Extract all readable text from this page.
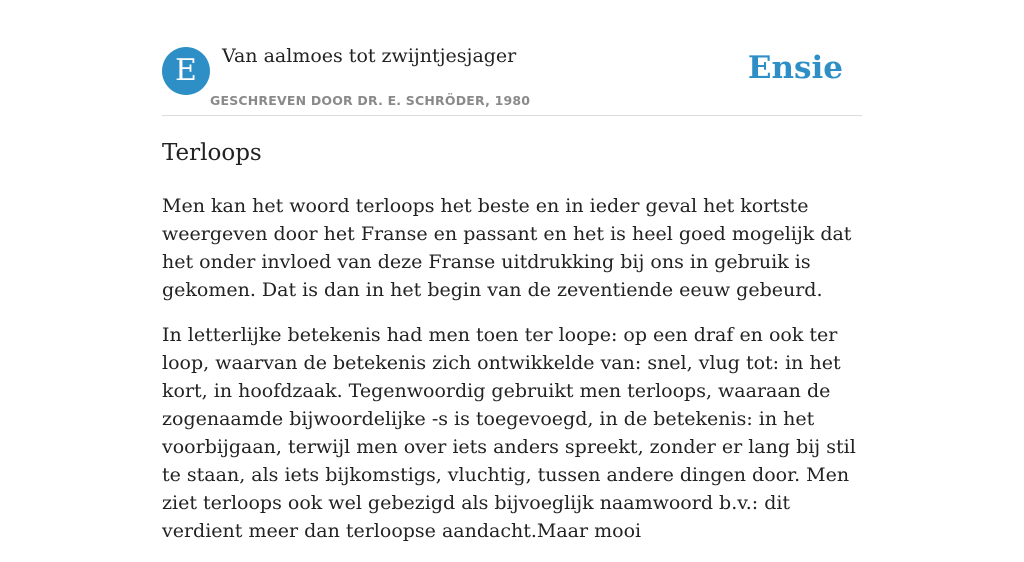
E	Van aalmoes tot zwijntjesjager
GESCHREVEN DOOR DR. E. SCHRÖDER, 1980
Ensie
Terloops

Men kan het woord terloops het beste en in ieder geval het kortste weergeven door het Franse en passant en het is heel goed mogelijk dat het onder invloed van deze Franse uitdrukking bij ons in gebruik is gekomen. Dat is dan in het begin van de zeventiende eeuw gebeurd.

In letterlijke betekenis had men toen ter loope: op een draf en ook ter loop, waarvan de betekenis zich ontwikkelde van: snel, vlug tot: in het kort, in hoofdzaak. Tegenwoordig gebruikt men terloops, waaraan de zogenaamde bijwoordelijke -s is toegevoegd, in de betekenis: in het voorbijgaan, terwijl men over iets anders spreekt, zonder er lang bij stil te staan, als iets bijkomstigs, vluchtig, tussen andere dingen door. Men ziet terloops ook wel gebezigd als bijvoeglijk naamwoord b.v.: dit verdient meer dan terloopse aandacht.Maar mooi
